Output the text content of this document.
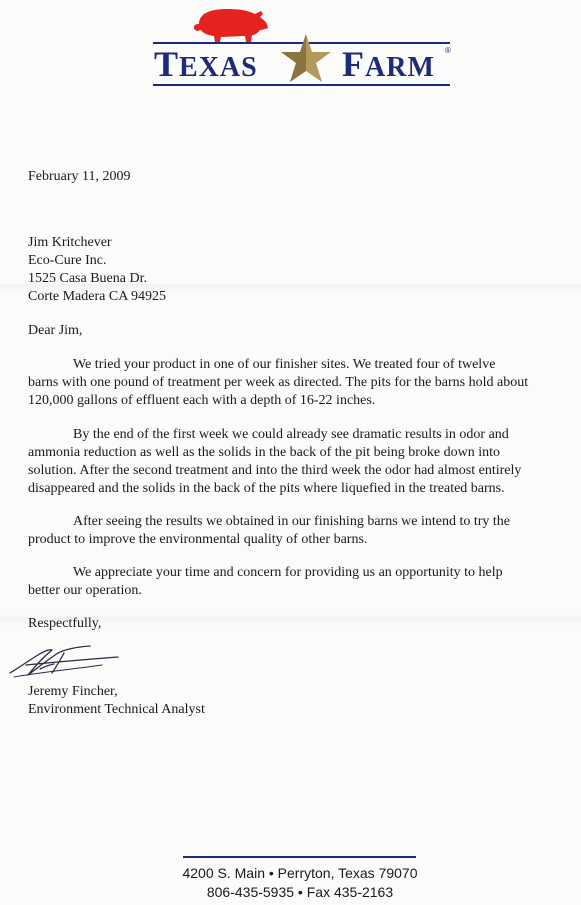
TEXAS FARM
®
February 11, 2009
Jim Kritchever
Eco-Cure Inc.
1525 Casa Buena Dr.
Corte Madera CA 94925
Dear Jim,
We tried your product in one of our finisher sites. We treated four of twelve
barns with one pound of treatment per week as directed. The pits for the barns hold about
120,000 gallons of effluent each with a depth of 16-22 inches.
By the end of the first week we could already see dramatic results in odor and
ammonia reduction as well as the solids in the back of the pit being broke down into
solution. After the second treatment and into the third week the odor had almost entirely
disappeared and the solids in the back of the pits where liquefied in the treated barns.
After seeing the results we obtained in our finishing barns we intend to try the
product to improve the environmental quality of other barns.
We appreciate your time and concern for providing us an opportunity to help
better our operation.
Respectfully,
Jeremy Fincher,
Environment Technical Analyst
4200 S. Main • Perryton, Texas 79070
806-435-5935 • Fax 435-2163
